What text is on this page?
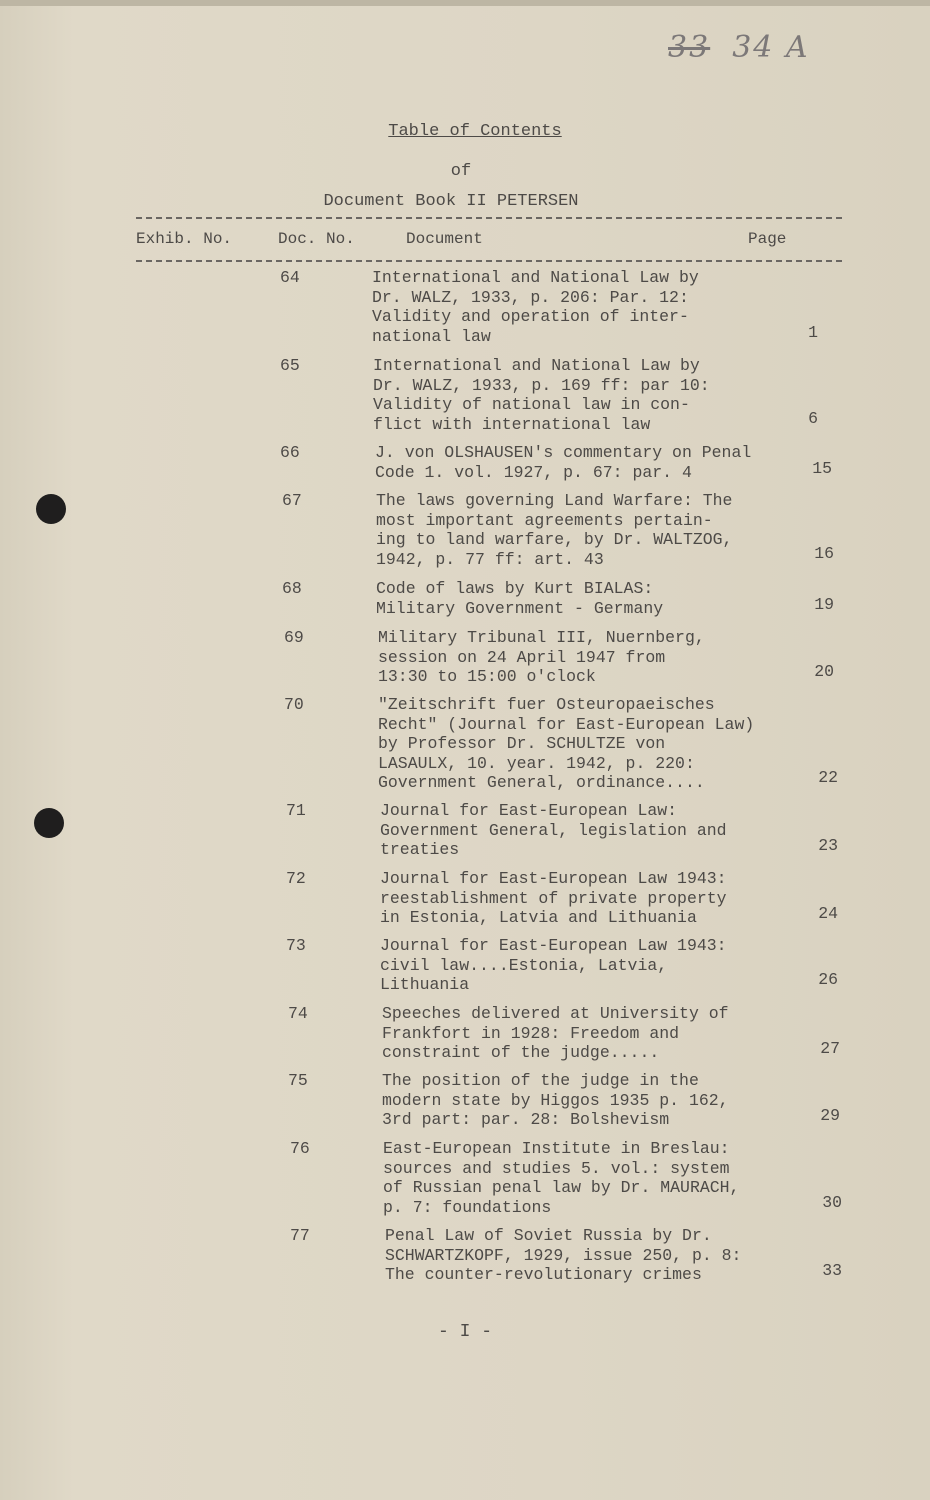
33 34 A
Table of Contents
of
Document Book II PETERSEN
Exhib. No.	Doc. No.	Document	Page
64	International and National Law by
Dr. WALZ, 1933, p. 206: Par. 12:
Validity and operation of inter-
national law	1
65	International and National Law by
Dr. WALZ, 1933, p. 169 ff: par 10:
Validity of national law in con-
flict with international law	6
66	J. von OLSHAUSEN's commentary on Penal
Code 1. vol. 1927, p. 67: par. 4	15
67	The laws governing Land Warfare: The
most important agreements pertain-
ing to land warfare, by Dr. WALTZOG,
1942, p. 77 ff: art. 43	16
68	Code of laws by Kurt BIALAS:
Military Government - Germany	19
69	Military Tribunal III, Nuernberg,
session on 24 April 1947 from
13:30 to 15:00 o'clock	20
70	"Zeitschrift fuer Osteuropaeisches
Recht" (Journal for East-European Law)
by Professor Dr. SCHULTZE von
LASAULX, 10. year. 1942, p. 220:
Government General, ordinance....	22
71	Journal for East-European Law:
Government General, legislation and
treaties	23
72	Journal for East-European Law 1943:
reestablishment of private property
in Estonia, Latvia and Lithuania	24
73	Journal for East-European Law 1943:
civil law....Estonia, Latvia,
Lithuania	26
74	Speeches delivered at University of
Frankfort in 1928: Freedom and
constraint of the judge.....	27
75	The position of the judge in the
modern state by Higgos 1935 p. 162,
3rd part: par. 28: Bolshevism	29
76	East-European Institute in Breslau:
sources and studies 5. vol.: system
of Russian penal law by Dr. MAURACH,
p. 7: foundations	30
77	Penal Law of Soviet Russia by Dr.
SCHWARTZKOPF, 1929, issue 250, p. 8:
The counter-revolutionary crimes	33
- I -
